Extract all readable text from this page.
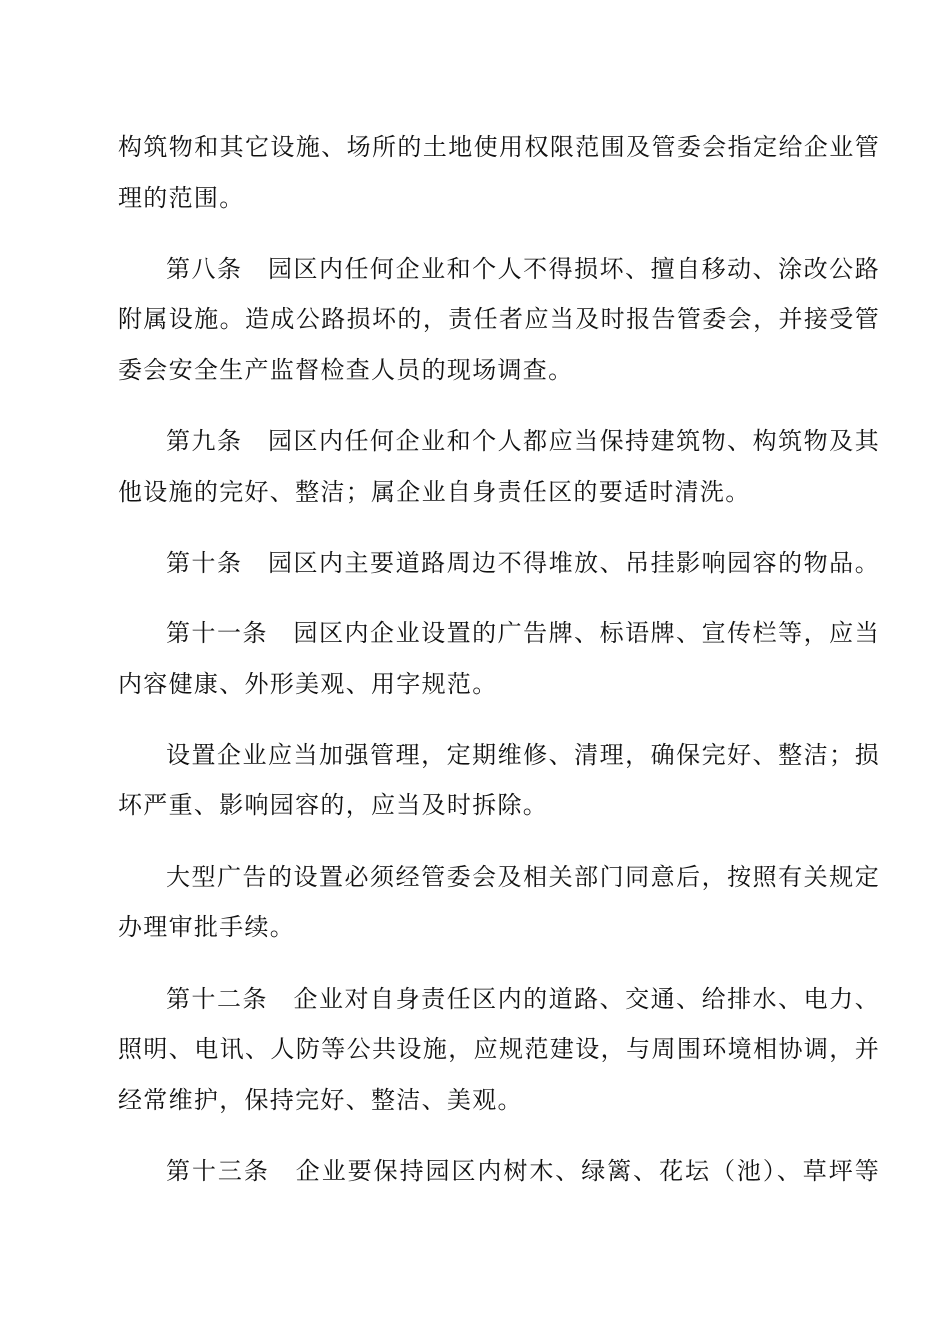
构筑物和其它设施、场所的土地使用权限范围及管委会指定给企业管
理的范围。
第八条　园区内任何企业和个人不得损坏、擅自移动、涂改公路
附属设施。造成公路损坏的，责任者应当及时报告管委会，并接受管
委会安全生产监督检查人员的现场调查。
第九条　园区内任何企业和个人都应当保持建筑物、构筑物及其
他设施的完好、整洁；属企业自身责任区的要适时清洗。
第十条　园区内主要道路周边不得堆放、吊挂影响园容的物品。
第十一条　园区内企业设置的广告牌、标语牌、宣传栏等，应当
内容健康、外形美观、用字规范。
设置企业应当加强管理，定期维修、清理，确保完好、整洁；损
坏严重、影响园容的，应当及时拆除。
大型广告的设置必须经管委会及相关部门同意后，按照有关规定
办理审批手续。
第十二条　企业对自身责任区内的道路、交通、给排水、电力、
照明、电讯、人防等公共设施，应规范建设，与周围环境相协调，并
经常维护，保持完好、整洁、美观。
第十三条　企业要保持园区内树木、绿篱、花坛（池）、草坪等
